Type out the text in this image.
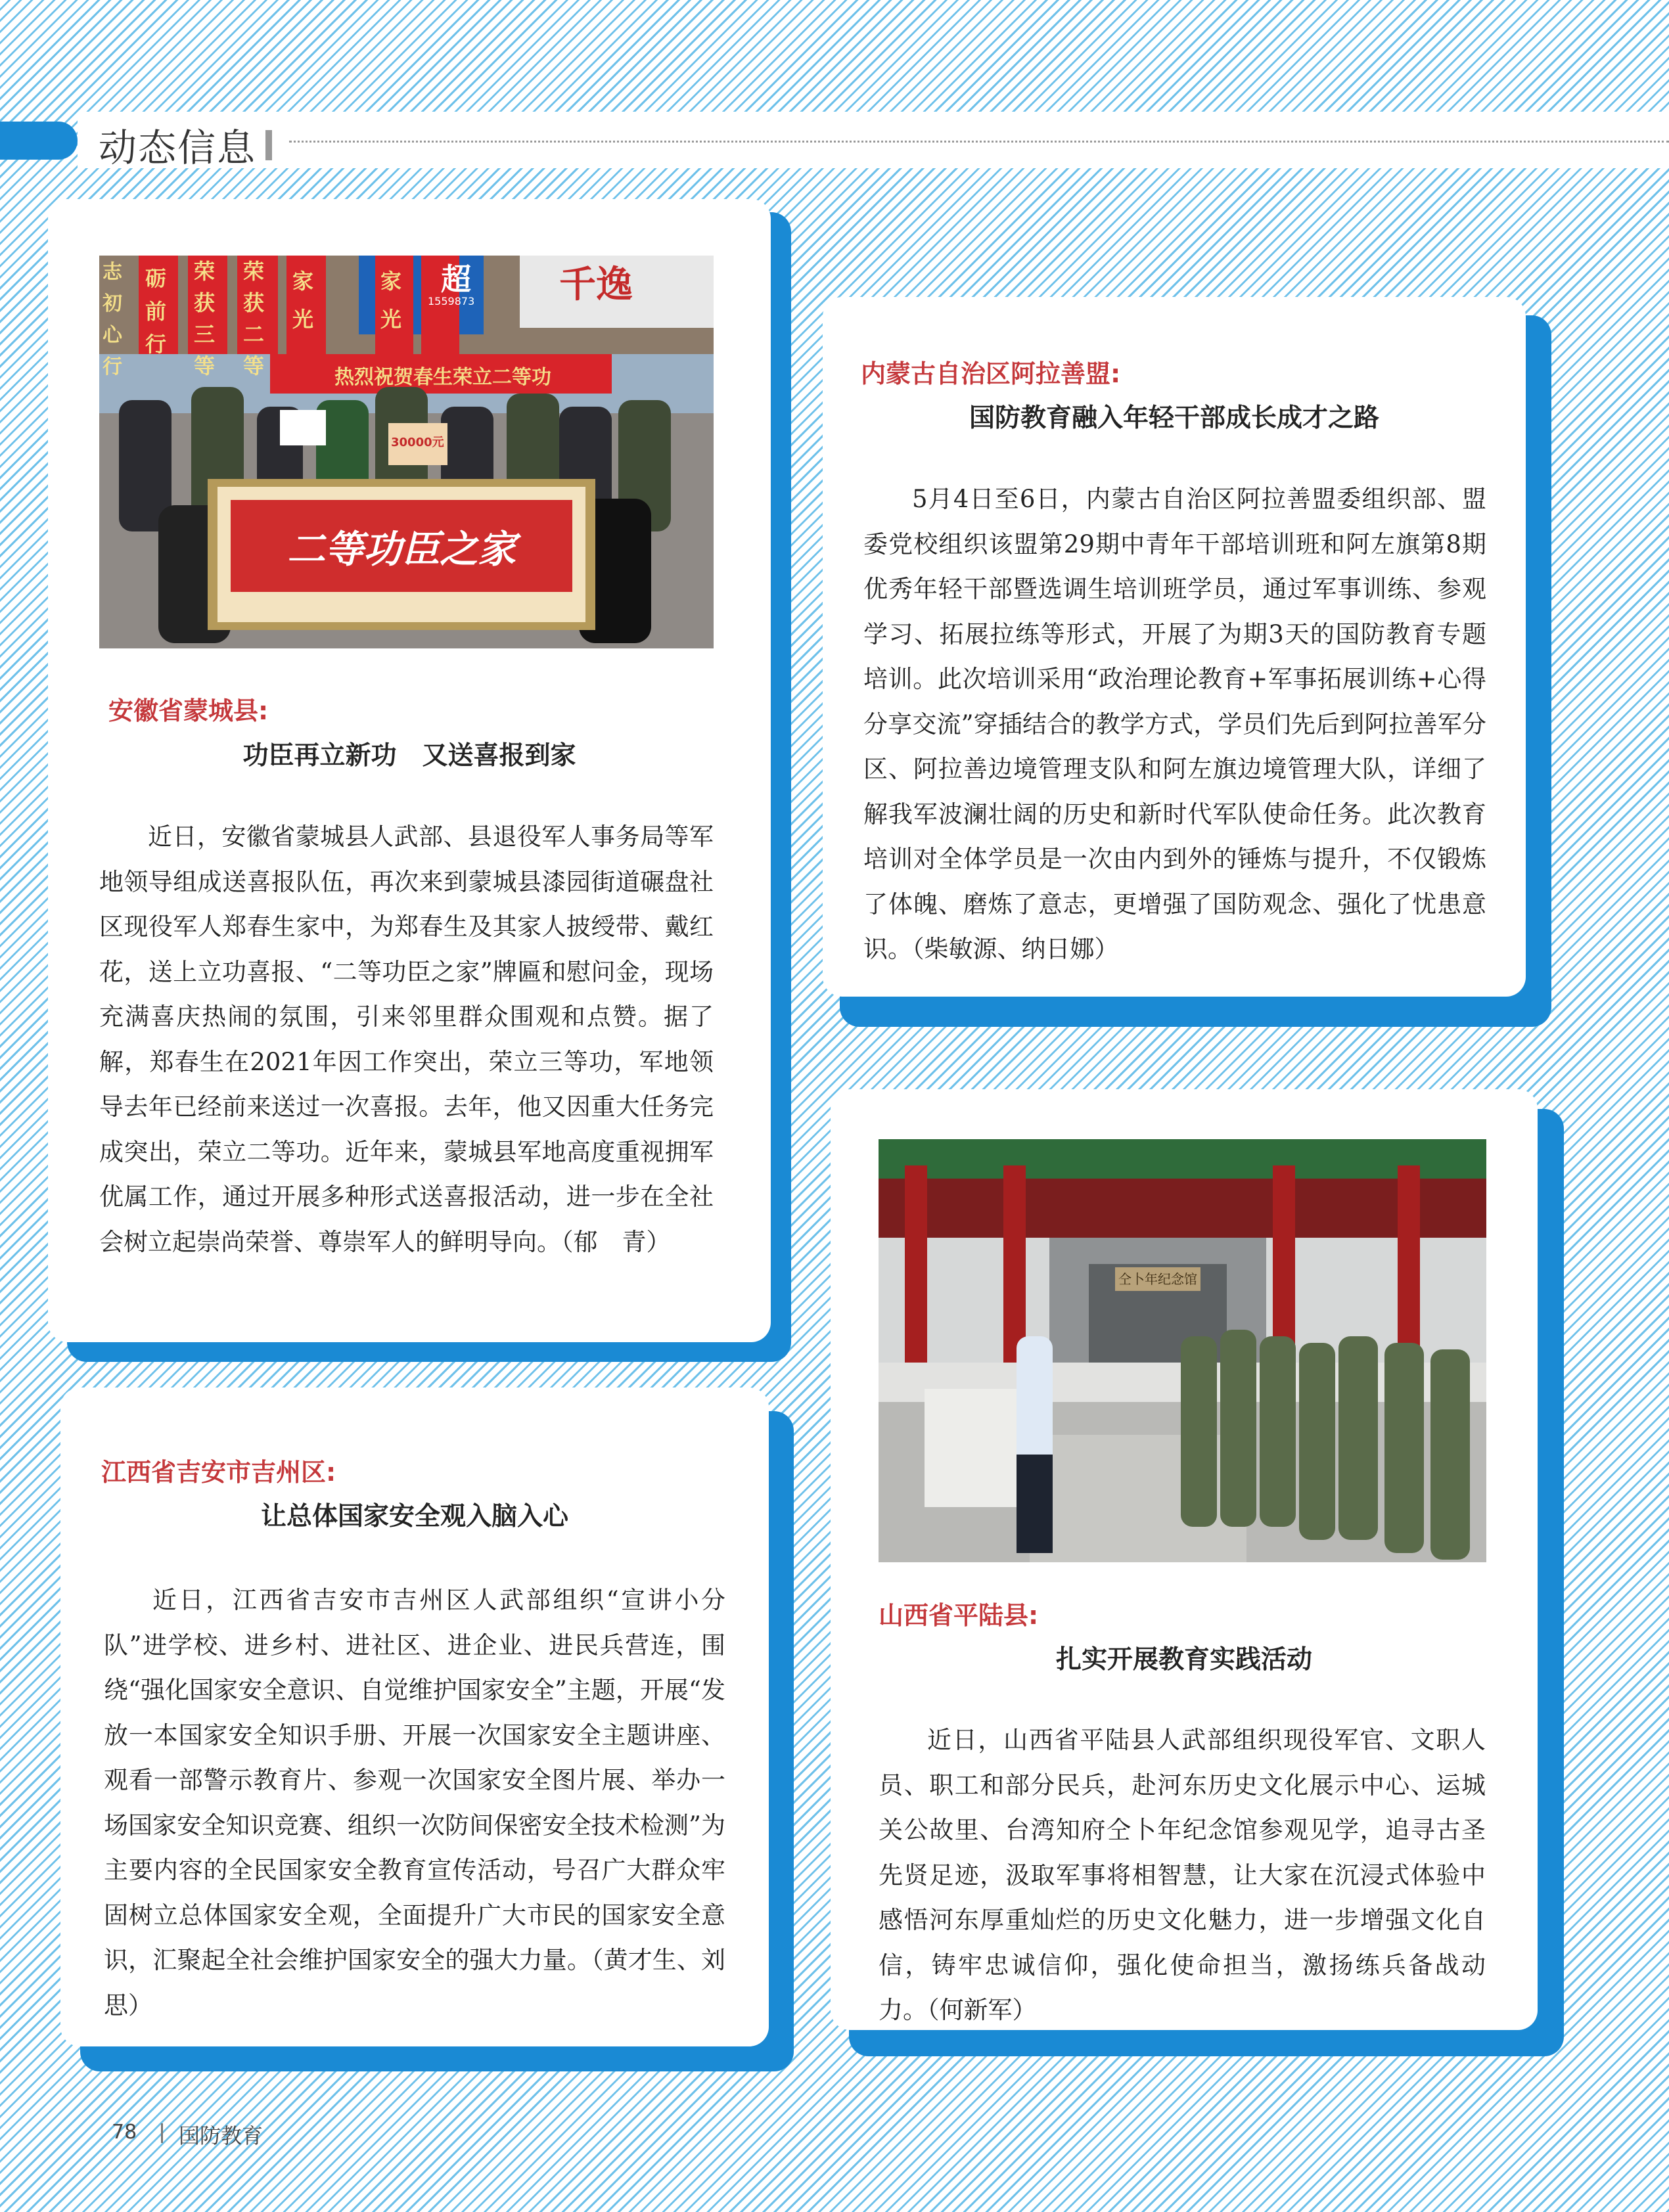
动态信息
志初心行
砺前行
荣获三等
荣获二等
家光
家光
超
1559873 千逸
热烈祝贺春生荣立二等功
30000元
二等功臣之家
安徽省蒙城县:
功臣再立新功　又送喜报到家

近日，安徽省蒙城县人武部、县退役军人事务局等军地领导组成送喜报队伍，再次来到蒙城县漆园街道碾盘社区现役军人郑春生家中，为郑春生及其家人披绶带、戴红花，送上立功喜报、“二等功臣之家”牌匾和慰问金，现场充满喜庆热闹的氛围，引来邻里群众围观和点赞。据了解，郑春生在2021年因工作突出，荣立三等功，军地领导去年已经前来送过一次喜报。去年，他又因重大任务完成突出，荣立二等功。近年来，蒙城县军地高度重视拥军优属工作，通过开展多种形式送喜报活动，进一步在全社会树立起崇尚荣誉、尊崇军人的鲜明导向。（郁　青）

内蒙古自治区阿拉善盟:
国防教育融入年轻干部成长成才之路

5月4日至6日，内蒙古自治区阿拉善盟委组织部、盟委党校组织该盟第29期中青年干部培训班和阿左旗第8期优秀年轻干部暨选调生培训班学员，通过军事训练、参观学习、拓展拉练等形式，开展了为期3天的国防教育专题培训。此次培训采用“政治理论教育+军事拓展训练+心得分享交流”穿插结合的教学方式，学员们先后到阿拉善军分区、阿拉善边境管理支队和阿左旗边境管理大队，详细了解我军波澜壮阔的历史和新时代军队使命任务。此次教育培训对全体学员是一次由内到外的锤炼与提升，不仅锻炼了体魄、磨炼了意志，更增强了国防观念、强化了忧患意识。（柴敏源、纳日娜）

江西省吉安市吉州区:
让总体国家安全观入脑入心

近日，江西省吉安市吉州区人武部组织“宣讲小分队”进学校、进乡村、进社区、进企业、进民兵营连，围绕“强化国家安全意识、自觉维护国家安全”主题，开展“发放一本国家安全知识手册、开展一次国家安全主题讲座、观看一部警示教育片、参观一次国家安全图片展、举办一场国家安全知识竞赛、组织一次防间保密安全技术检测”为主要内容的全民国家安全教育宣传活动，号召广大群众牢固树立总体国家安全观，全面提升广大市民的国家安全意识，汇聚起全社会维护国家安全的强大力量。（黄才生、刘　思）

仝卜年纪念馆
山西省平陆县:
扎实开展教育实践活动

近日，山西省平陆县人武部组织现役军官、文职人员、职工和部分民兵，赴河东历史文化展示中心、运城关公故里、台湾知府仝卜年纪念馆参观见学，追寻古圣先贤足迹，汲取军事将相智慧，让大家在沉浸式体验中感悟河东厚重灿烂的历史文化魅力，进一步增强文化自信，铸牢忠诚信仰，强化使命担当，激扬练兵备战动力。（何新军）

78 国防教育
